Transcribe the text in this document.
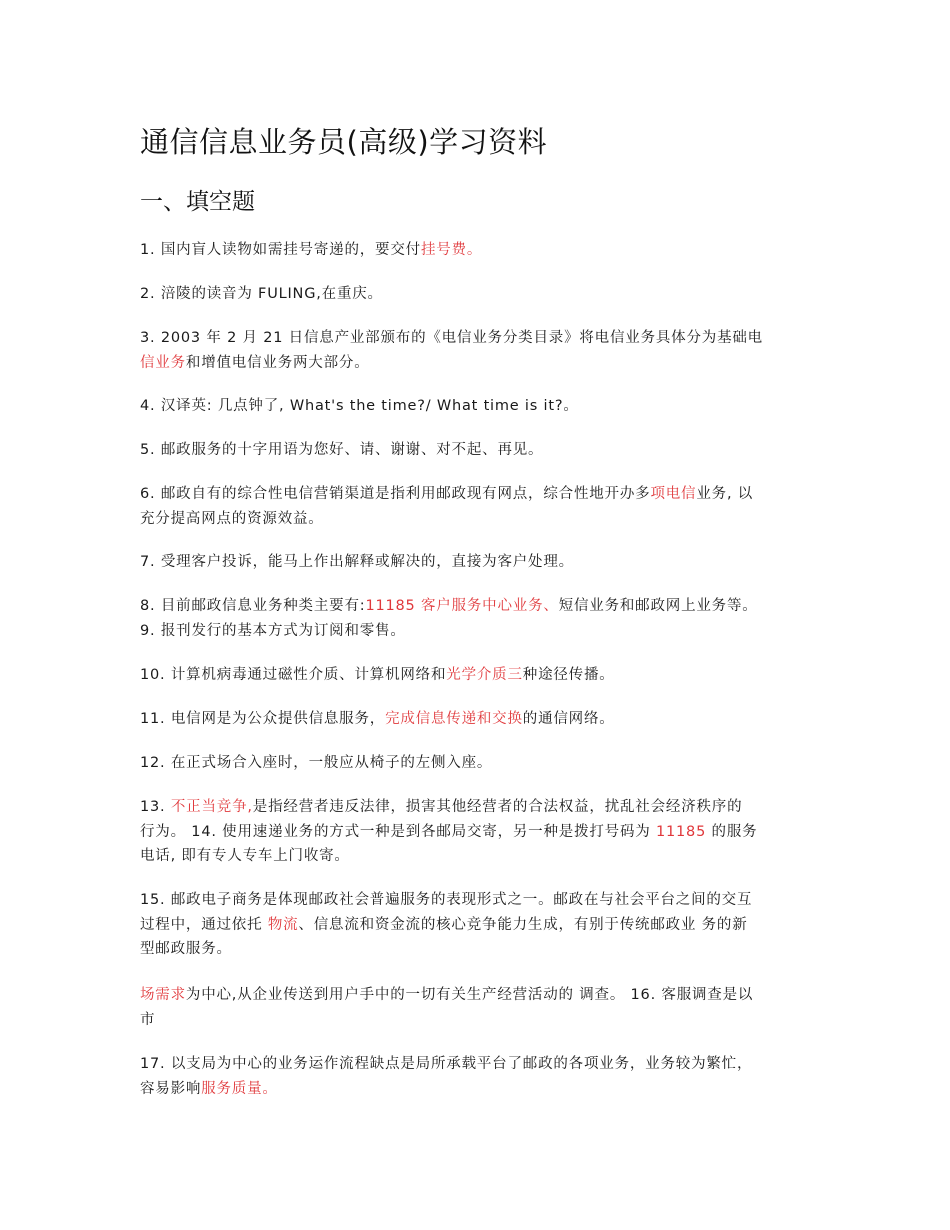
通信信息业务员(高级)学习资料
一、填空题
1. 国内盲人读物如需挂号寄递的，要交付挂号费。
2. 涪陵的读音为 FULING,在重庆。
3. 2003 年 2 月 21 日信息产业部颁布的《电信业务分类目录》将电信业务具体分为基础电
信业务和增值电信业务两大部分。
4. 汉译英: 几点钟了, What's the time?/ What time is it?。
5. 邮政服务的十字用语为您好、请、谢谢、对不起、再见。
6. 邮政自有的综合性电信营销渠道是指利用邮政现有网点，综合性地开办多项电信业务, 以
充分提高网点的资源效益。
7. 受理客户投诉，能马上作出解释或解决的，直接为客户处理。
8. 目前邮政信息业务种类主要有:11185 客户服务中心业务、短信业务和邮政网上业务等。
9. 报刊发行的基本方式为订阅和零售。
10. 计算机病毒通过磁性介质、计算机网络和光学介质三种途径传播。
11. 电信网是为公众提供信息服务，完成信息传递和交换的通信网络。
12. 在正式场合入座时，一般应从椅子的左侧入座。
13. 不正当竞争,是指经营者违反法律，损害其他经营者的合法权益，扰乱社会经济秩序的
行为。 14. 使用速递业务的方式一种是到各邮局交寄，另一种是拨打号码为 11185 的服务
电话, 即有专人专车上门收寄。
15. 邮政电子商务是体现邮政社会普遍服务的表现形式之一。邮政在与社会平台之间的交互
过程中，通过依托 物流、信息流和资金流的核心竞争能力生成，有别于传统邮政业 务的新
型邮政服务。
场需求为中心,从企业传送到用户手中的一切有关生产经营活动的 调查。 16. 客服调查是以
市
17. 以支局为中心的业务运作流程缺点是局所承载平台了邮政的各项业务，业务较为繁忙，
容易影响服务质量。
